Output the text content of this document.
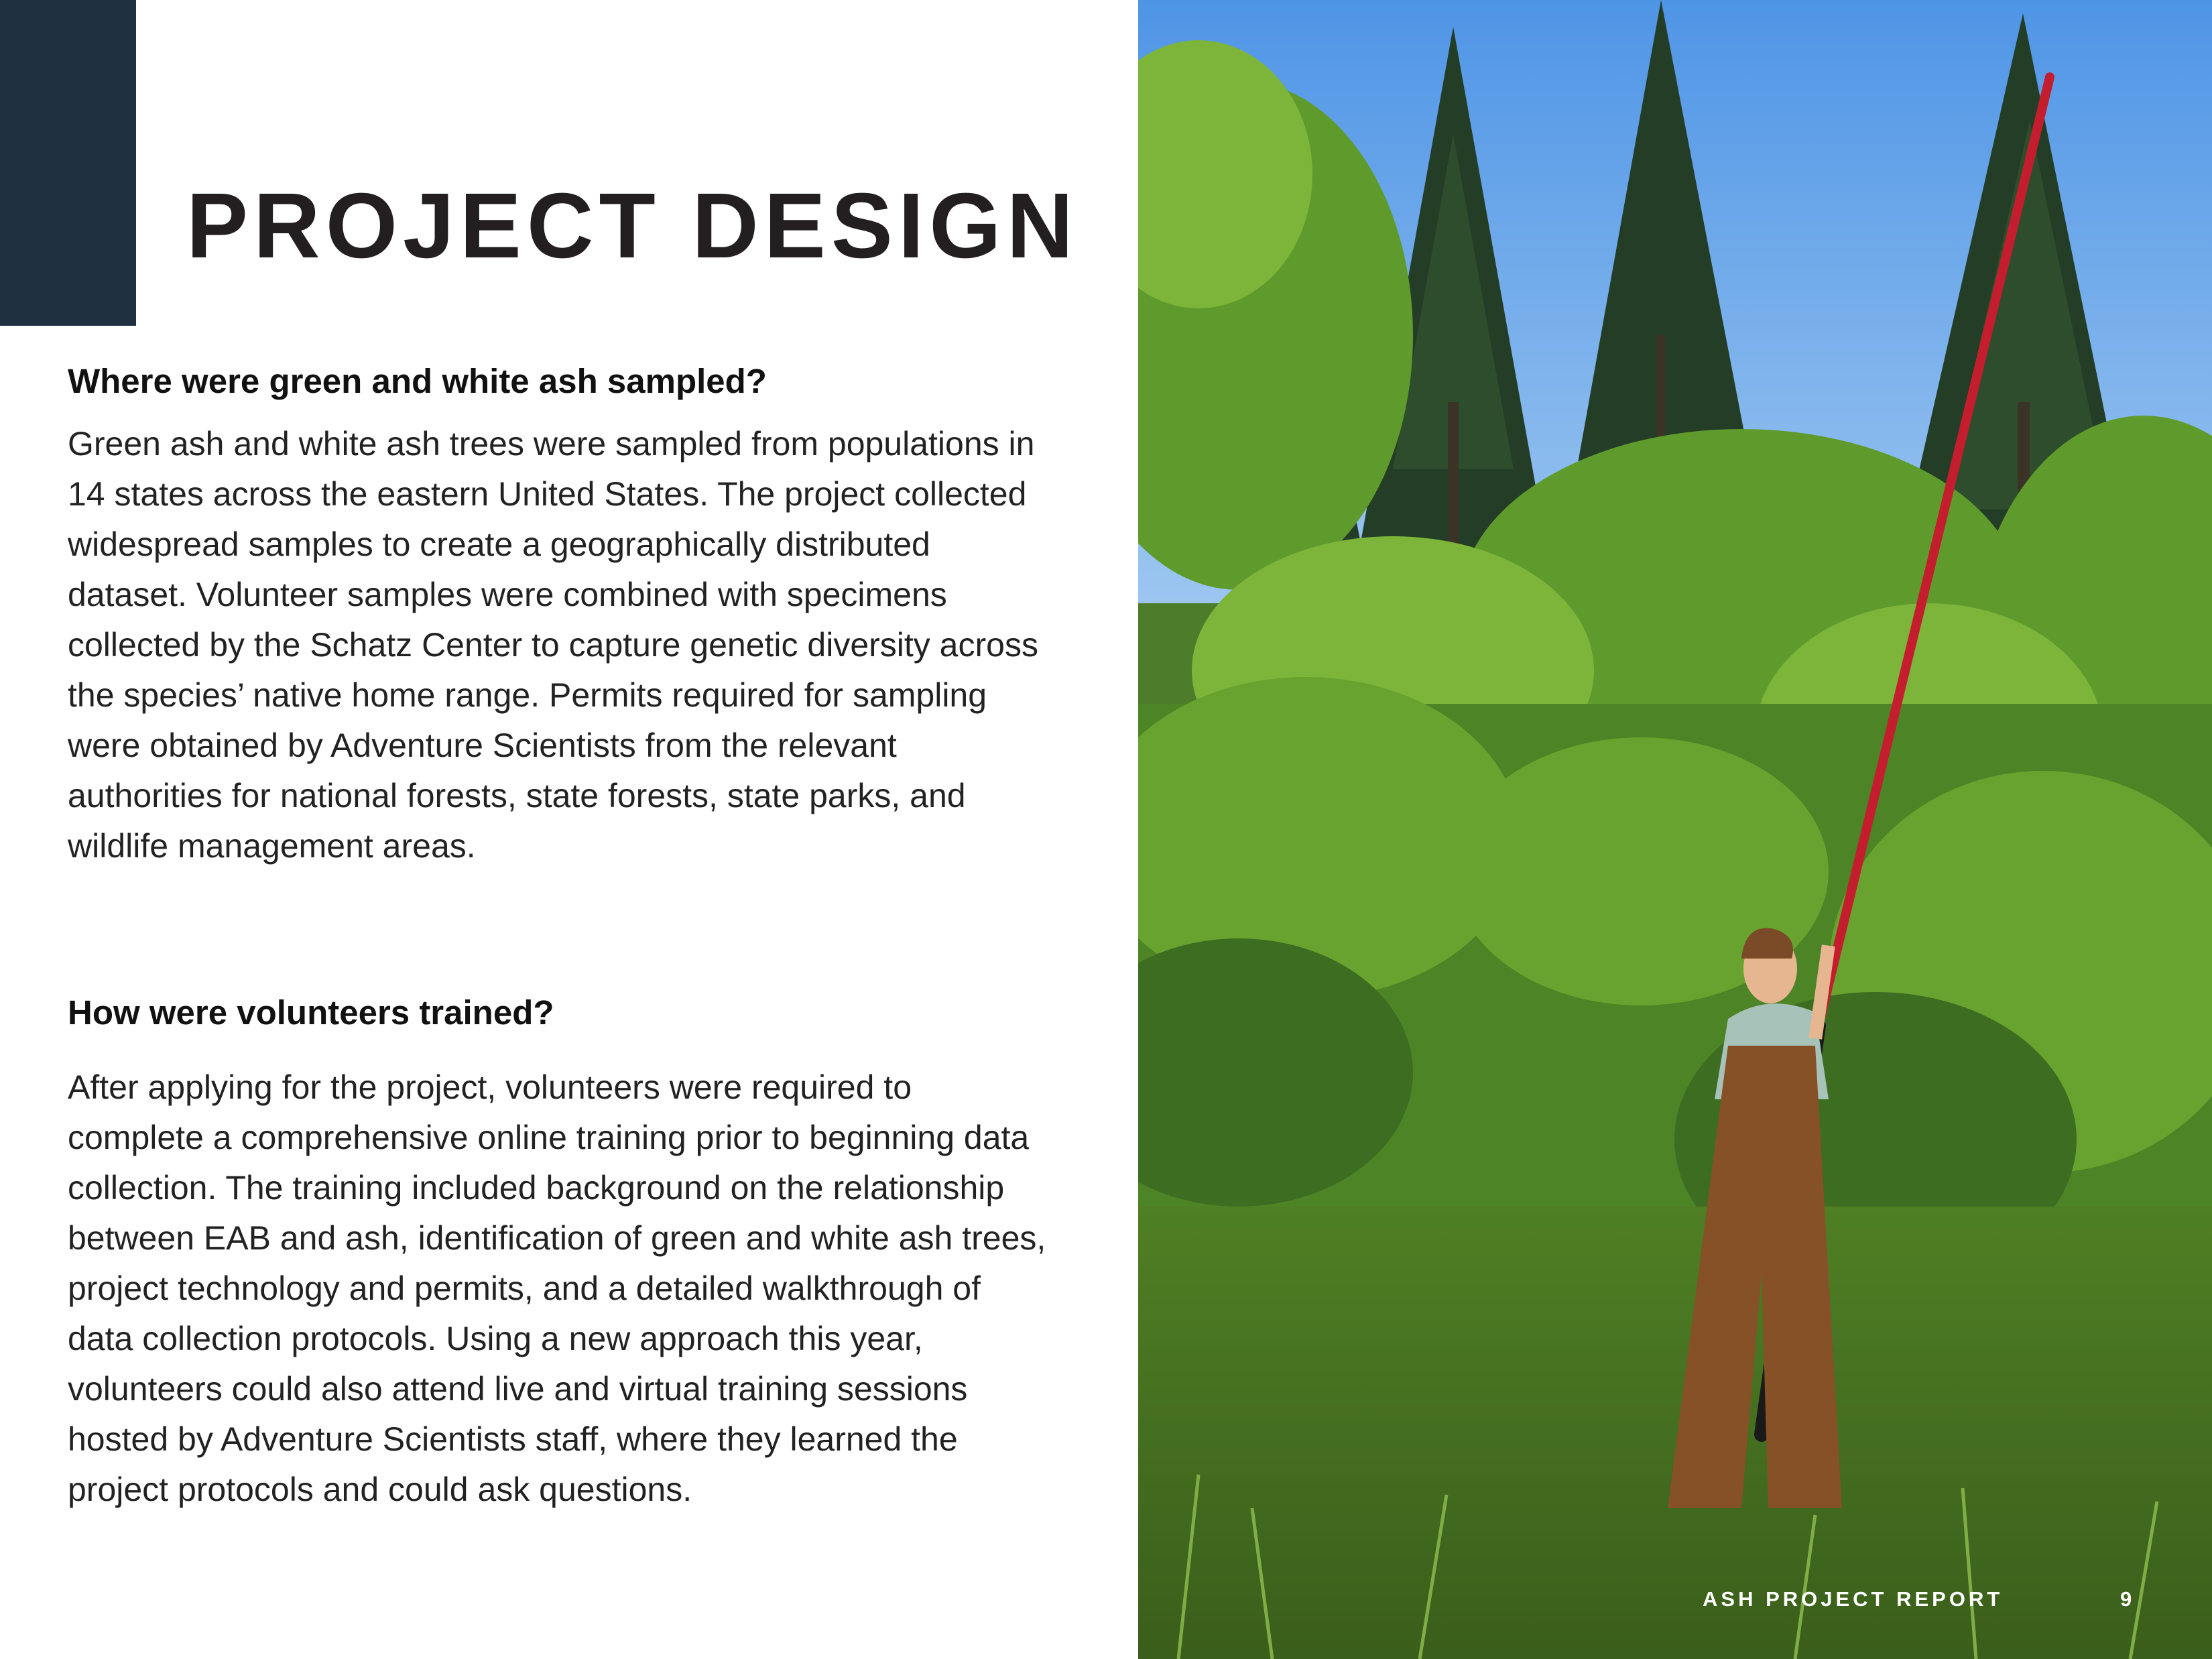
PROJECT DESIGN
Where were green and white ash sampled?

Green ash and white ash trees were sampled from populations in 14 states across the eastern United States. The project collected widespread samples to create a geographically distributed dataset. Volunteer samples were combined with specimens collected by the Schatz Center to capture genetic diversity across the species’ native home range. Permits required for sampling were obtained by Adventure Scientists from the relevant authorities for national forests, state forests, state parks, and wildlife management areas.

How were volunteers trained?

After applying for the project, volunteers were required to complete a comprehensive online training prior to beginning data collection. The training included background on the relationship between EAB and ash, identification of green and white ash trees, project technology and permits, and a detailed walkthrough of data collection protocols. Using a new approach this year, volunteers could also attend live and virtual training sessions hosted by Adventure Scientists staff, where they learned the project protocols and could ask questions.

ASH PROJECT REPORT	9
